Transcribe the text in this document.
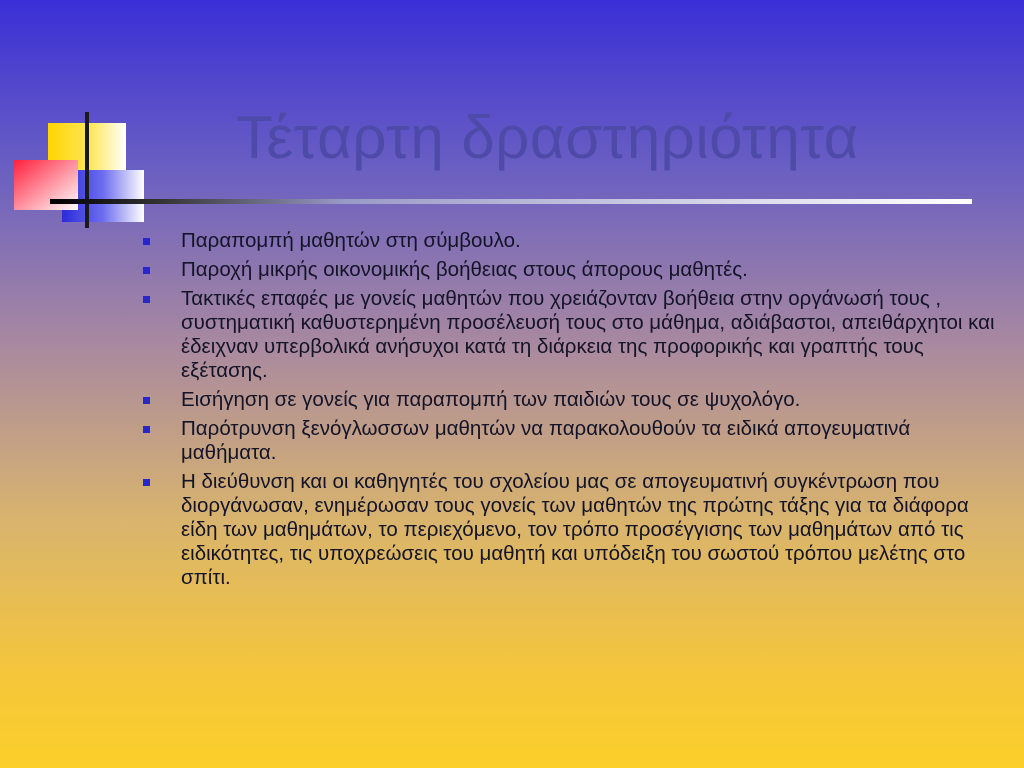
Τέταρτη δραστηριότητα
Παραπομπή μαθητών στη σύμβουλο.
Παροχή μικρής οικονομικής βοήθειας στους άπορους μαθητές.
Τακτικές επαφές με γονείς μαθητών που χρειάζονταν βοήθεια στην οργάνωσή τους , συστηματική καθυστερημένη προσέλευσή τους στο μάθημα, αδιάβαστοι, απειθάρχητοι και έδειχναν υπερβολικά ανήσυχοι κατά τη διάρκεια της προφορικής και γραπτής τους εξέτασης.
Εισήγηση σε γονείς για παραπομπή των παιδιών τους σε ψυχολόγο.
Παρότρυνση ξενόγλωσσων μαθητών να παρακολουθούν τα ειδικά απογευματινά μαθήματα.
Η διεύθυνση και οι καθηγητές του σχολείου μας σε απογευματινή συγκέντρωση που διοργάνωσαν, ενημέρωσαν τους γονείς των μαθητών της πρώτης τάξης για τα διάφορα είδη των μαθημάτων, το περιεχόμενο, τον τρόπο προσέγγισης των μαθημάτων από τις ειδικότητες, τις υποχρεώσεις του μαθητή και υπόδειξη του σωστού τρόπου μελέτης στο σπίτι.
